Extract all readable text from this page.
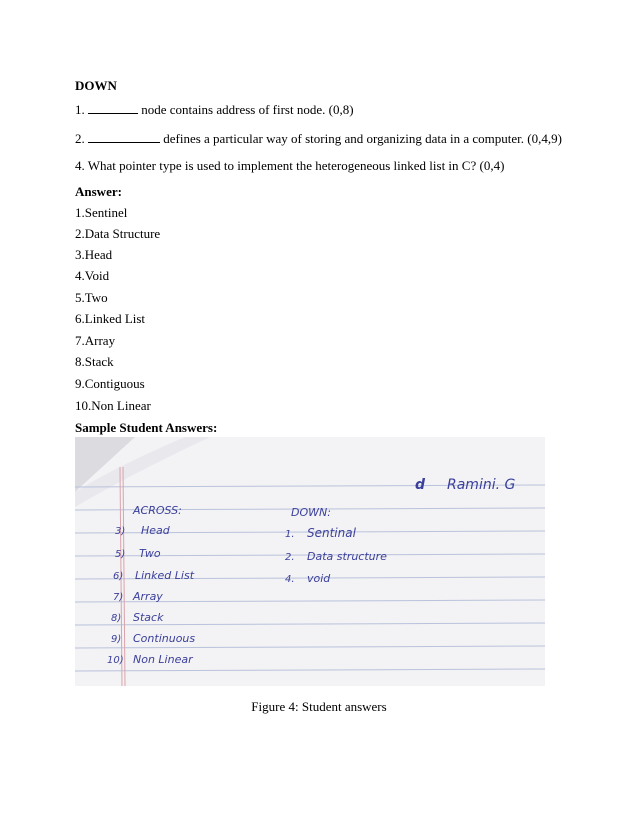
DOWN
1.	node contains address of first node. (0,8)
2.	defines a particular way of storing and organizing data in a computer. (0,4,9)
4. What pointer type is used to implement the heterogeneous linked list in C? (0,4)
Answer:
1.Sentinel
2.Data Structure
3.Head
4.Void
5.Two
6.Linked List
7.Array
8.Stack
9.Contiguous
10.Non Linear
Sample Student Answers:
d Ramini. G
ACROSS:
3) Head
5) Two
6) Linked List
7) Array
8) Stack
9) Continuous
10) Non Linear
DOWN:
1. Sentinal
2. Data structure
4. void
Figure 4: Student answers
